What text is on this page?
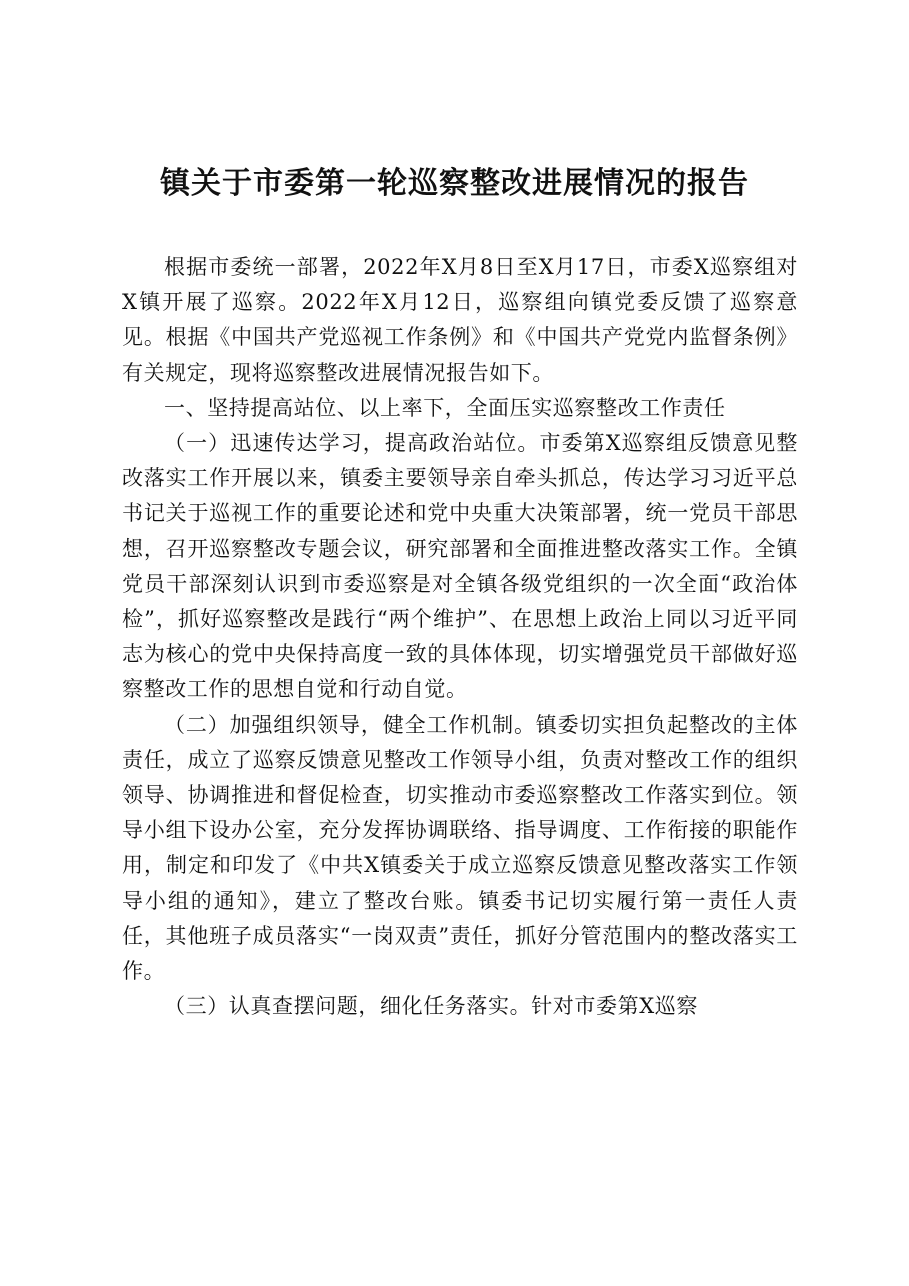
镇关于市委第一轮巡察整改进展情况的报告

根据市委统一部署，2022年X月8日至X月17日，市委X巡察组对X镇开展了巡察。2022年X月12日，巡察组向镇党委反馈了巡察意见。根据《中国共产党巡视工作条例》和《中国共产党党内监督条例》有关规定，现将巡察整改进展情况报告如下。

一、坚持提高站位、以上率下，全面压实巡察整改工作责任

（一）迅速传达学习，提高政治站位。市委第X巡察组反馈意见整改落实工作开展以来，镇委主要领导亲自牵头抓总，传达学习习近平总书记关于巡视工作的重要论述和党中央重大决策部署，统一党员干部思想，召开巡察整改专题会议，研究部署和全面推进整改落实工作。全镇党员干部深刻认识到市委巡察是对全镇各级党组织的一次全面“政治体检”，抓好巡察整改是践行“两个维护”、在思想上政治上同以习近平同志为核心的党中央保持高度一致的具体体现，切实增强党员干部做好巡察整改工作的思想自觉和行动自觉。

（二）加强组织领导，健全工作机制。镇委切实担负起整改的主体责任，成立了巡察反馈意见整改工作领导小组，负责对整改工作的组织领导、协调推进和督促检查，切实推动市委巡察整改工作落实到位。领导小组下设办公室，充分发挥协调联络、指导调度、工作衔接的职能作用，制定和印发了《中共X镇委关于成立巡察反馈意见整改落实工作领导小组的通知》，建立了整改台账。镇委书记切实履行第一责任人责任，其他班子成员落实“一岗双责”责任，抓好分管范围内的整改落实工作。

（三）认真查摆问题，细化任务落实。针对市委第X巡察
